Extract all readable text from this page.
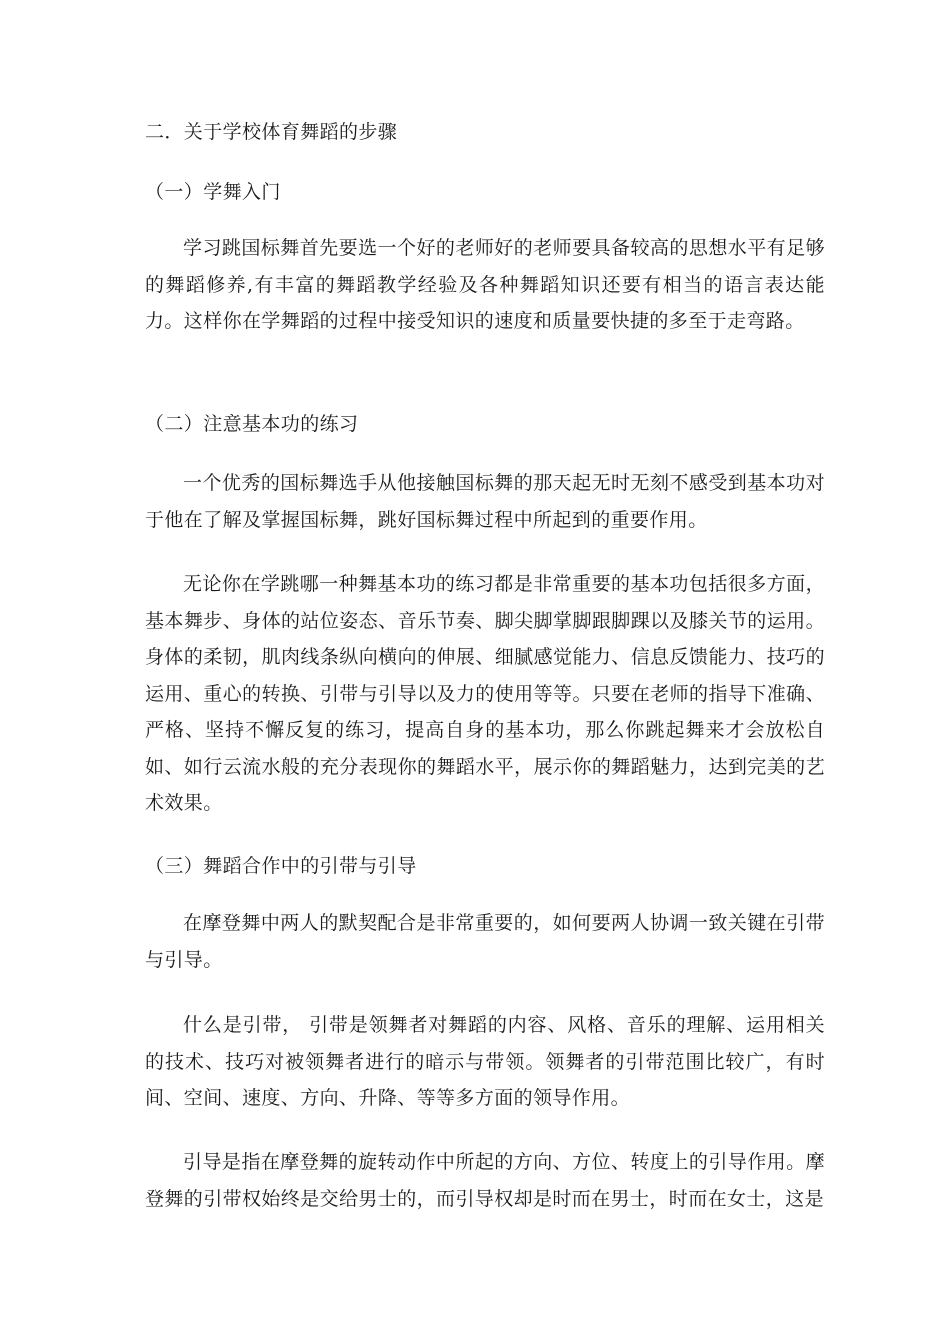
二．关于学校体育舞蹈的步骤

（一）学舞入门

学习跳国标舞首先要选一个好的老师好的老师要具备较高的思想水平有足够的舞蹈修养,有丰富的舞蹈教学经验及各种舞蹈知识还要有相当的语言表达能力。这样你在学舞蹈的过程中接受知识的速度和质量要快捷的多至于走弯路。

（二）注意基本功的练习

一个优秀的国标舞选手从他接触国标舞的那天起无时无刻不感受到基本功对于他在了解及掌握国标舞，跳好国标舞过程中所起到的重要作用。

无论你在学跳哪一种舞基本功的练习都是非常重要的基本功包括很多方面，基本舞步、身体的站位姿态、音乐节奏、脚尖脚掌脚跟脚踝以及膝关节的运用。身体的柔韧，肌肉线条纵向横向的伸展、细腻感觉能力、信息反馈能力、技巧的运用、重心的转换、引带与引导以及力的使用等等。只要在老师的指导下准确、严格、坚持不懈反复的练习，提高自身的基本功，那么你跳起舞来才会放松自如、如行云流水般的充分表现你的舞蹈水平，展示你的舞蹈魅力，达到完美的艺术效果。

（三）舞蹈合作中的引带与引导

在摩登舞中两人的默契配合是非常重要的，如何要两人协调一致关键在引带与引导。

什么是引带， 引带是领舞者对舞蹈的内容、风格、音乐的理解、运用相关的技术、技巧对被领舞者进行的暗示与带领。领舞者的引带范围比较广，有时间、空间、速度、方向、升降、等等多方面的领导作用。

引导是指在摩登舞的旋转动作中所起的方向、方位、转度上的引导作用。摩登舞的引带权始终是交给男士的，而引导权却是时而在男士，时而在女士，这是
